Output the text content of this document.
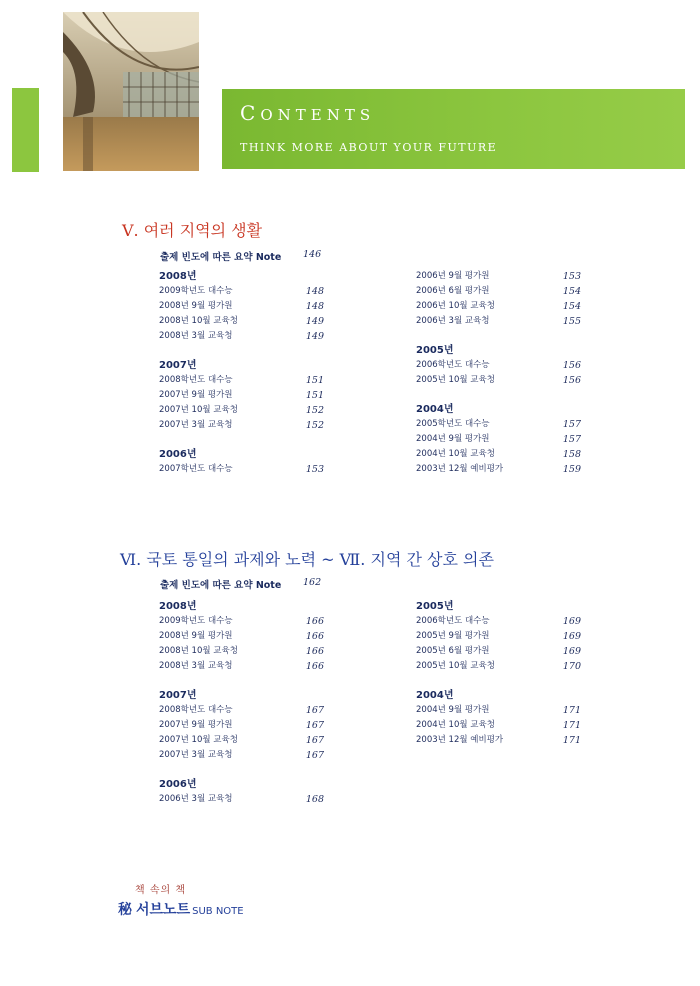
CONTENTS

THINK MORE ABOUT YOUR FUTURE

Ⅴ. 여러 지역의 생활
출제 빈도에 따른 요약 Note 146
2008년
2009학년도 대수능	148
2008년 9월 평가원	148
2008년 10월 교육청	149
2008년 3월 교육청	149
2007년
2008학년도 대수능	151
2007년 9월 평가원	151
2007년 10월 교육청	152
2007년 3월 교육청	152
2006년
2007학년도 대수능	153
2006년 9월 평가원	153
2006년 6월 평가원	154
2006년 10월 교육청	154
2006년 3월 교육청	155
2005년
2006학년도 대수능	156
2005년 10월 교육청	156
2004년
2005학년도 대수능	157
2004년 9월 평가원	157
2004년 10월 교육청	158
2003년 12월 예비평가	159
Ⅵ. 국토 통일의 과제와 노력 ~ Ⅶ. 지역 간 상호 의존
출제 빈도에 따른 요약 Note 162
2008년
2009학년도 대수능	166
2008년 9월 평가원	166
2008년 10월 교육청	166
2008년 3월 교육청	166
2007년
2008학년도 대수능	167
2007년 9월 평가원	167
2007년 10월 교육청	167
2007년 3월 교육청	167
2006년
2006년 3월 교육청	168
2005년
2006학년도 대수능	169
2005년 9월 평가원	169
2005년 6월 평가원	169
2005년 10월 교육청	170
2004년
2004년 9월 평가원	171
2004년 10월 교육청	171
2003년 12월 예비평가	171
책 속의 책
秘 서브노트 SUB NOTE
